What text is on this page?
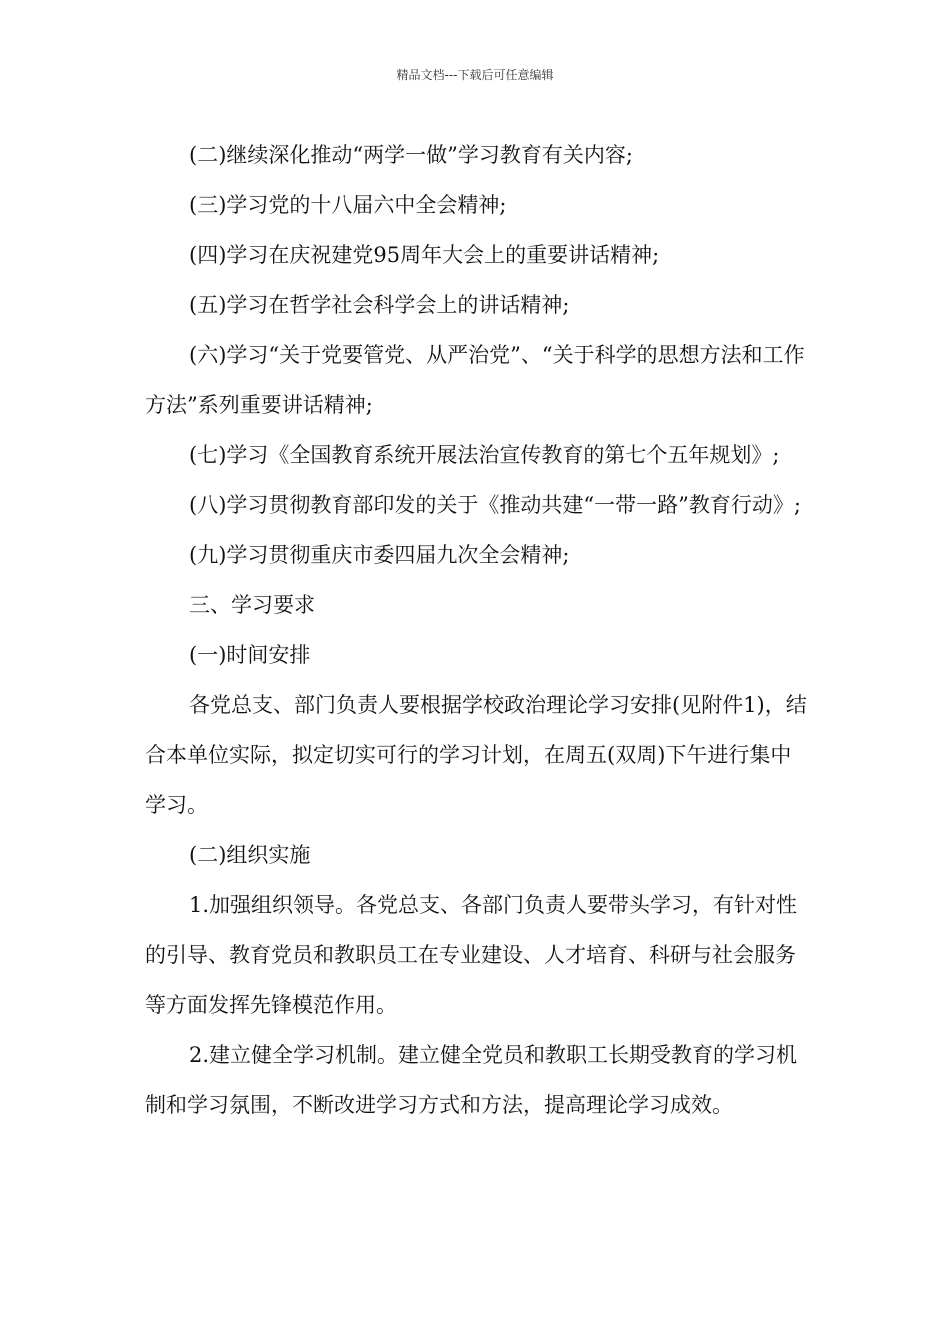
精品文档---下载后可任意编辑

(二)继续深化推动“两学一做”学习教育有关内容;

(三)学习党的十八届六中全会精神;

(四)学习在庆祝建党95周年大会上的重要讲话精神;

(五)学习在哲学社会科学会上的讲话精神;

(六)学习“关于党要管党、从严治党”、“关于科学的思想方法和工作方法”系列重要讲话精神;

(七)学习《全国教育系统开展法治宣传教育的第七个五年规划》;

(八)学习贯彻教育部印发的关于《推动共建“一带一路”教育行动》;

(九)学习贯彻重庆市委四届九次全会精神;

三、学习要求

(一)时间安排

各党总支、部门负责人要根据学校政治理论学习安排(见附件1)，结合本单位实际，拟定切实可行的学习计划，在周五(双周)下午进行集中学习。

(二)组织实施

1.加强组织领导。各党总支、各部门负责人要带头学习，有针对性的引导、教育党员和教职员工在专业建设、人才培育、科研与社会服务等方面发挥先锋模范作用。

2.建立健全学习机制。建立健全党员和教职工长期受教育的学习机制和学习氛围，不断改进学习方式和方法，提高理论学习成效。
